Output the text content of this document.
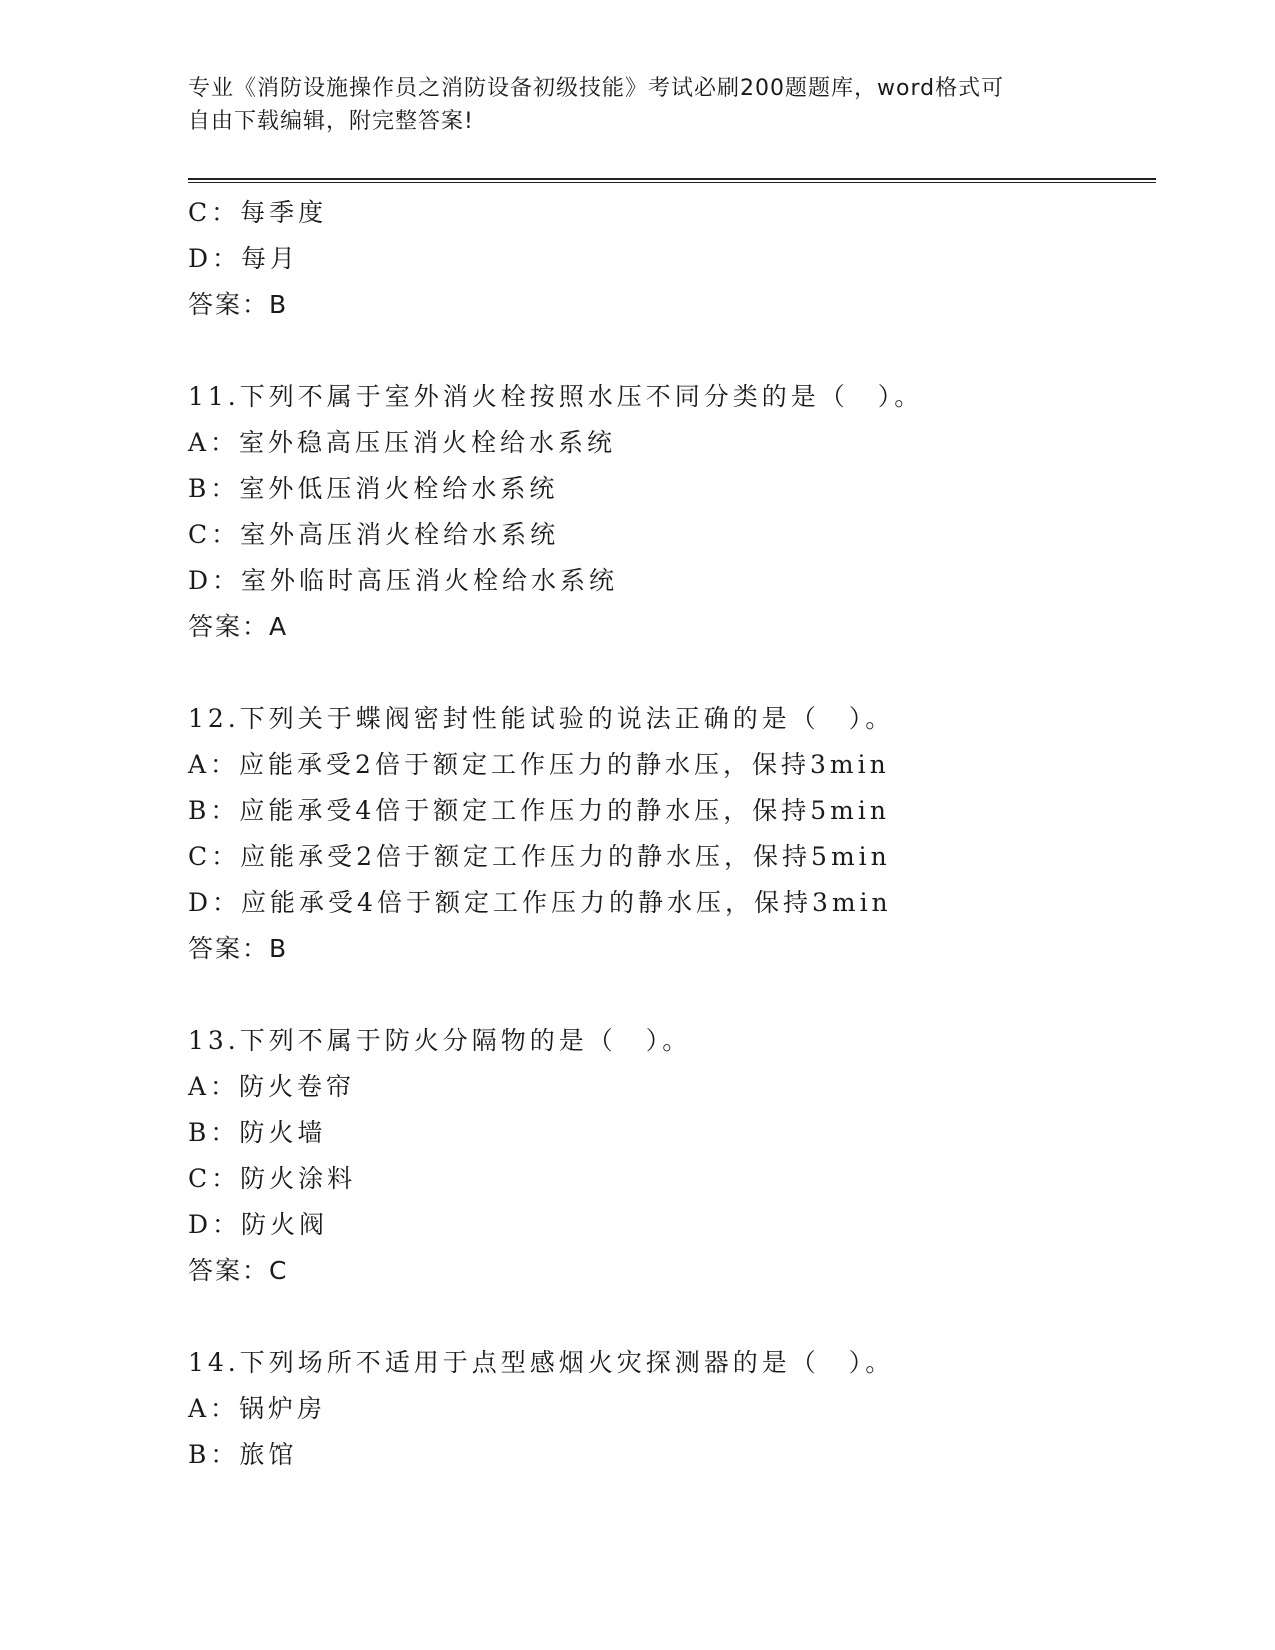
专业《消防设施操作员之消防设备初级技能》考试必刷200题题库，word格式可
自由下载编辑，附完整答案!
C：每季度
D：每月
答案：B
11.下列不属于室外消火栓按照水压不同分类的是（　）。
A：室外稳高压压消火栓给水系统
B：室外低压消火栓给水系统
C：室外高压消火栓给水系统
D：室外临时高压消火栓给水系统
答案：A
12.下列关于蝶阀密封性能试验的说法正确的是（　）。
A：应能承受2倍于额定工作压力的静水压，保持3min
B：应能承受4倍于额定工作压力的静水压，保持5min
C：应能承受2倍于额定工作压力的静水压，保持5min
D：应能承受4倍于额定工作压力的静水压，保持3min
答案：B
13.下列不属于防火分隔物的是（　）。
A：防火卷帘
B：防火墙
C：防火涂料
D：防火阀
答案：C
14.下列场所不适用于点型感烟火灾探测器的是（　）。
A：锅炉房
B：旅馆
